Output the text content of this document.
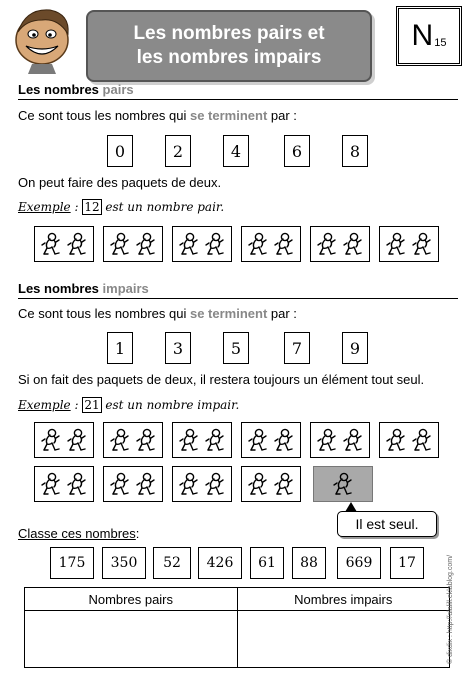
Les nombres pairs et
les nombres impairs
N 15
Les nombres pairs
Ce sont tous les nombres qui se terminent par :
0	2	4	6	8
On peut faire des paquets de deux.
Exemple : 12 est un nombre pair.
Les nombres impairs
Ce sont tous les nombres qui se terminent par :
1	3	5	7	9
Si on fait des paquets de deux, il restera toujours un élément tout seul.
Exemple : 21 est un nombre impair.
Il est seul.
Classe ces nombres:
175	350	52	426	61	88	669	17
Nombres pairs	Nombres impairs
		© dixdix : http://alalill.eklablog.com/
